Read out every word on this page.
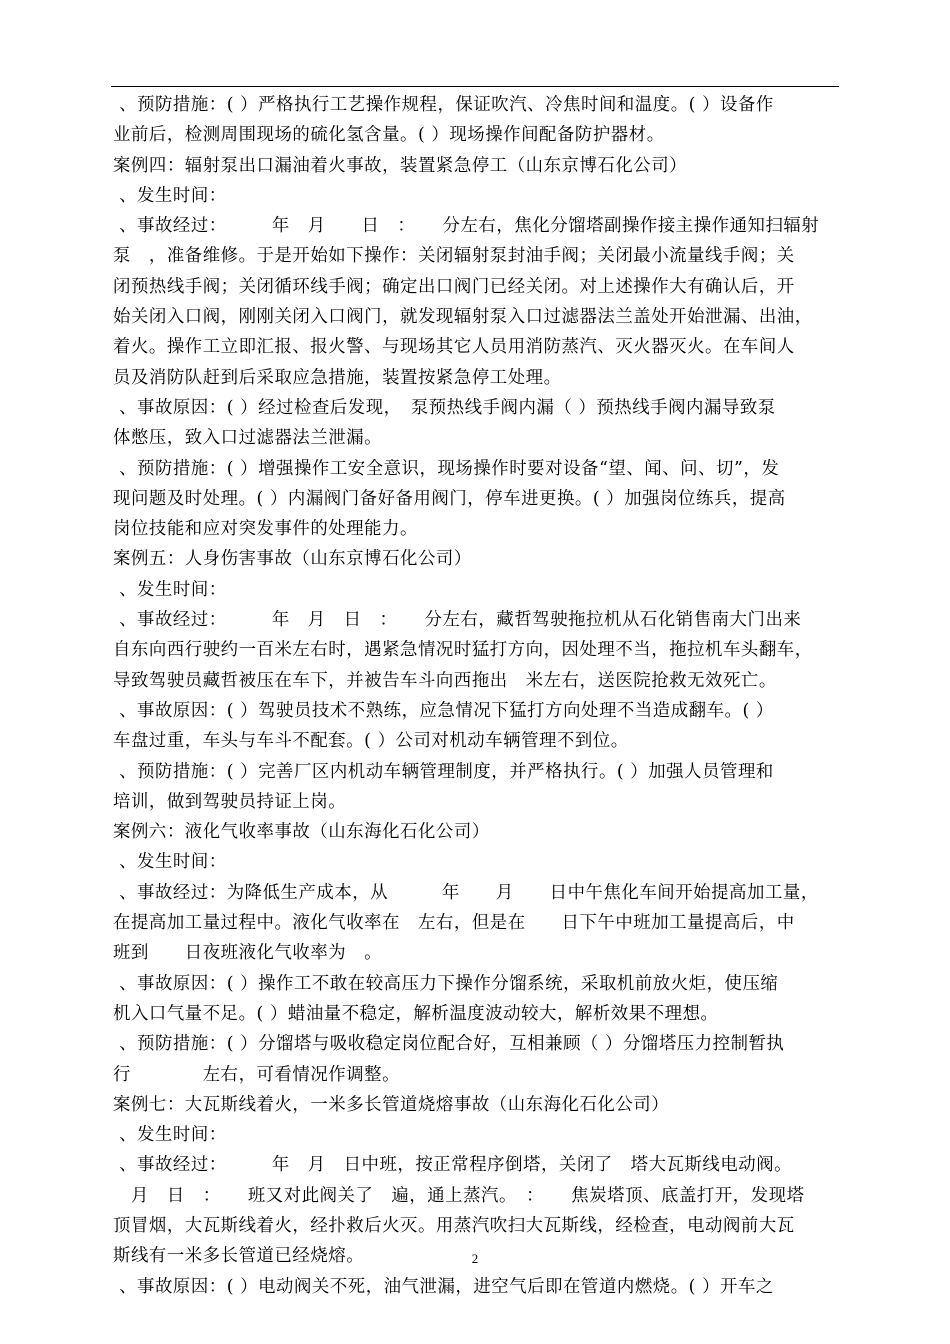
、预防措施：( ）严格执行工艺操作规程，保证吹汽、冷焦时间和温度。( ）设备作
业前后，检测周围现场的硫化氢含量。( ）现场操作间配备防护器材。
案例四：辐射泵出口漏油着火事故，装置紧急停工（山东京博石化公司）
、发生时间：
、事故经过：　　　年　月　　日　：　　分左右，焦化分馏塔副操作接主操作通知扫辐射
泵　，准备维修。于是开始如下操作：关闭辐射泵封油手阀；关闭最小流量线手阀；关
闭预热线手阀；关闭循环线手阀；确定出口阀门已经关闭。对上述操作大有确认后，开
始关闭入口阀，刚刚关闭入口阀门，就发现辐射泵入口过滤器法兰盖处开始泄漏、出油，
着火。操作工立即汇报、报火警、与现场其它人员用消防蒸汽、灭火器灭火。在车间人
员及消防队赶到后采取应急措施，装置按紧急停工处理。
、事故原因：( ）经过检查后发现，　泵预热线手阀内漏（ ）预热线手阀内漏导致泵
体憋压，致入口过滤器法兰泄漏。
、预防措施：( ）增强操作工安全意识，现场操作时要对设备“望、闻、问、切”，发
现问题及时处理。( ）内漏阀门备好备用阀门，停车进更换。( ）加强岗位练兵，提高
岗位技能和应对突发事件的处理能力。
案例五：人身伤害事故（山东京博石化公司）
、发生时间：
、事故经过：　　　年　月　日　：　　分左右，藏哲驾驶拖拉机从石化销售南大门出来
自东向西行驶约一百米左右时，遇紧急情况时猛打方向，因处理不当，拖拉机车头翻车，
导致驾驶员藏哲被压在车下，并被告车斗向西拖出　米左右，送医院抢救无效死亡。
、事故原因：( ）驾驶员技术不熟练，应急情况下猛打方向处理不当造成翻车。( ）
车盘过重，车头与车斗不配套。( ）公司对机动车辆管理不到位。
、预防措施：( ）完善厂区内机动车辆管理制度，并严格执行。( ）加强人员管理和
培训，做到驾驶员持证上岗。
案例六：液化气收率事故（山东海化石化公司）
、发生时间：
、事故经过：为降低生产成本，从　　　年　　月　　日中午焦化车间开始提高加工量，
在提高加工量过程中。液化气收率在　左右，但是在　　日下午中班加工量提高后，中
班到　　日夜班液化气收率为　。
、事故原因：( ）操作工不敢在较高压力下操作分馏系统，采取机前放火炬，使压缩
机入口气量不足。( ）蜡油量不稳定，解析温度波动较大，解析效果不理想。
、预防措施：( ）分馏塔与吸收稳定岗位配合好，互相兼顾（ ）分馏塔压力控制暂执
行　　　　左右，可看情况作调整。
案例七：大瓦斯线着火，一米多长管道烧熔事故（山东海化石化公司）
、发生时间：
、事故经过：　　　年　月　日中班，按正常程序倒塔，关闭了　塔大瓦斯线电动阀。
　月　日　：　　班又对此阀关了　遍，通上蒸汽。　：　　焦炭塔顶、底盖打开，发现塔
顶冒烟，大瓦斯线着火，经扑救后火灭。用蒸汽吹扫大瓦斯线，经检查，电动阀前大瓦
斯线有一米多长管道已经烧熔。
、事故原因：( ）电动阀关不死，油气泄漏，进空气后即在管道内燃烧。( ）开车之
2
